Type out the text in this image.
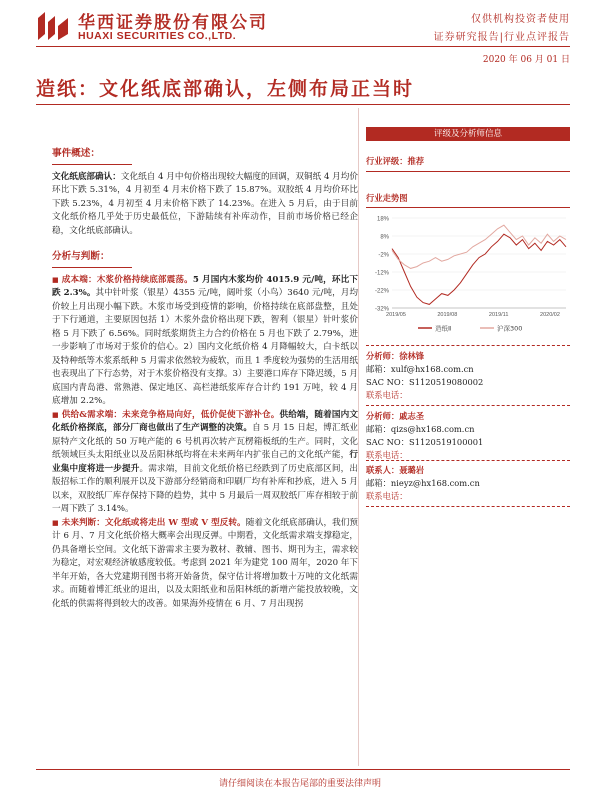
华西证券股份有限公司
HUAXI SECURITIES CO.,LTD.
仅供机构投资者使用
证券研究报告|行业点评报告
2020 年 06 月 01 日
造纸：文化纸底部确认，左侧布局正当时
事件概述：

文化纸底部确认：文化纸自 4 月中旬价格出现较大幅度的回调，双铜纸 4 月均价环比下跌 5.31%，4 月初至 4 月末价格下跌了 15.87%。双胶纸 4 月均价环比下跌 5.23%，4 月初至 4 月末价格下跌了 14.23%。在进入 5 月后，由于目前文化纸价格几乎处于历史最低位，下游陆续有补库动作，目前市场价格已经企稳，文化纸底部确认。

分析与判断：

■ 成本端：木浆价格持续底部震荡。5 月国内木浆均价 4015.9 元/吨，环比下跌 2.3%。其中针叶浆（银星）4355 元/吨，阔叶浆（小鸟）3640 元/吨，月均价较上月出现小幅下跌。木浆市场受到疫情的影响，价格持续在底部盘整，且处于下行通道，主要原因包括 1）木浆外盘价格出现下跌，智利（银星）针叶浆价格 5 月下跌了 6.56%。同时纸浆期货主力合约价格在 5 月也下跌了 2.79%，进一步影响了市场对于浆价的信心。2）国内文化纸价格 4 月降幅较大，白卡纸以及特种纸等木浆系纸种 5 月需求依然较为疲软，而且 1 季度较为强势的生活用纸也表现出了下行态势，对于木浆价格没有支撑。3）主要港口库存下降迟缓，5 月底国内青岛港、常熟港、保定地区、高栏港纸浆库存合计约 191 万吨，较 4 月底增加 2.2%。

■ 供给&需求端：未来竞争格局向好，低价促使下游补仓。供给端，随着国内文化纸价格探底，部分厂商也做出了生产调整的决策。自 5 月 15 日起，博汇纸业原特产文化纸的 50 万吨产能的 6 号机再次转产瓦楞箱板纸的生产。同时，文化纸领域巨头太阳纸业以及岳阳林纸均将在未来两年内扩张自己的文化纸产能，行业集中度将进一步提升。需求端，目前文化纸价格已经跌到了历史底部区间，出版招标工作的顺利展开以及下游部分经销商和印刷厂均有补库和抄底，进入 5 月以来，双胶纸厂库存保持下降的趋势，其中 5 月最后一周双胶纸厂库存相较于前一周下跌了 3.14%。

■ 未来判断：文化纸或将走出 W 型或 V 型反转。随着文化纸底部确认，我们预计 6 月、7 月文化纸价格大概率会出现反弹。中期看，文化纸需求端支撑稳定，仍具备增长空间。文化纸下游需求主要为教材、教辅、图书、期刊为主，需求较为稳定，对宏观经济敏感度较低。考虑到 2021 年为建党 100 周年，2020 年下半年开始，各大党建期刊图书将开始备货，保守估计将增加数十万吨的文化纸需求。而随着博汇纸业的退出，以及太阳纸业和岳阳林纸的新增产能投放较晚，文化纸的供需将得到较大的改善。如果海外疫情在 6 月、7 月出现拐

评级及分析师信息
行业评级：推荐
行业走势图
18%
8%
-2%
-12%
-22%
-32%
2019/05	2019/08	2019/11	2020/02
造纸Ⅱ	沪深300
分析师：徐林锋
邮箱：xulf@hx168.com.cn
SAC NO：S1120519080002
联系电话：
分析师：戚志圣
邮箱：qizs@hx168.com.cn
SAC NO：S1120519100001
联系电话：
联系人：聂璐岩
邮箱：nieyz@hx168.com.cn
联系电话：
请仔细阅读在本报告尾部的重要法律声明
